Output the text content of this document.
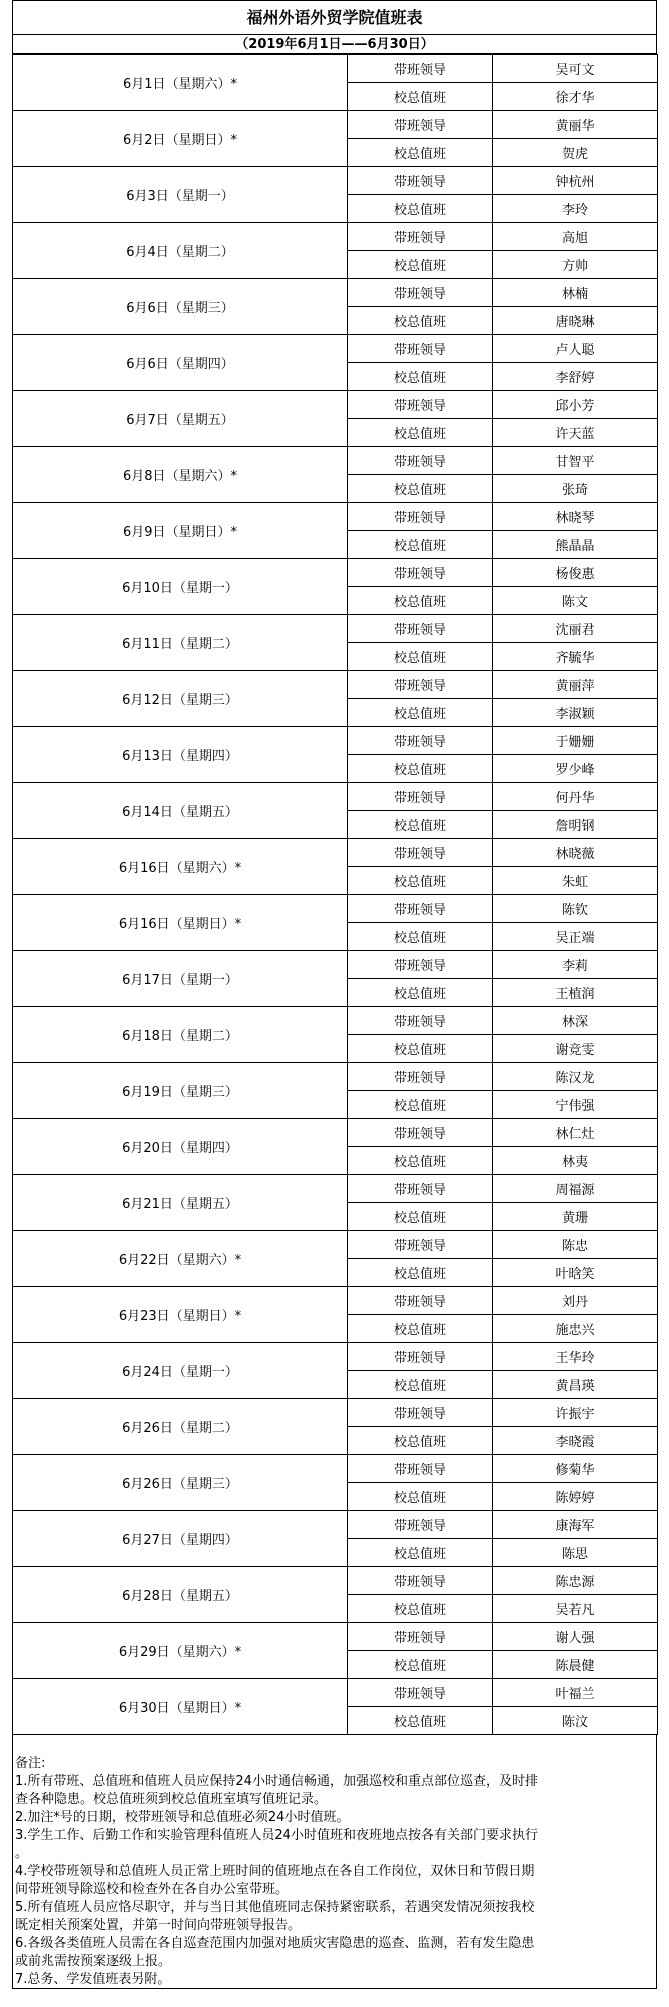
福州外语外贸学院值班表
（2019年6月1日——6月30日）
6月1日（星期六）*	带班领导	吴可文
	校总值班	徐才华
6月2日（星期日）*	带班领导	黄丽华
	校总值班	贺虎
6月3日（星期一）	带班领导	钟杭州
	校总值班	李玲
6月4日（星期二）	带班领导	高旭
	校总值班	方帅
6月6日（星期三）	带班领导	林楠
	校总值班	唐晓琳
6月6日（星期四）	带班领导	卢人聪
	校总值班	李舒婷
6月7日（星期五）	带班领导	邱小芳
	校总值班	许天蓝
6月8日（星期六）*	带班领导	甘智平
	校总值班	张琦
6月9日（星期日）*	带班领导	林晓琴
	校总值班	熊晶晶
6月10日（星期一）	带班领导	杨俊惠
	校总值班	陈文
6月11日（星期二）	带班领导	沈丽君
	校总值班	齐毓华
6月12日（星期三）	带班领导	黄丽萍
	校总值班	李淑颖
6月13日（星期四）	带班领导	于姗姗
	校总值班	罗少峰
6月14日（星期五）	带班领导	何丹华
	校总值班	詹明钢
6月16日（星期六）*	带班领导	林晓薇
	校总值班	朱虹
6月16日（星期日）*	带班领导	陈钦
	校总值班	吴正端
6月17日（星期一）	带班领导	李莉
	校总值班	王植润
6月18日（星期二）	带班领导	林深
	校总值班	谢竞雯
6月19日（星期三）	带班领导	陈汉龙
	校总值班	宁伟强
6月20日（星期四）	带班领导	林仁灶
	校总值班	林夷
6月21日（星期五）	带班领导	周福源
	校总值班	黄珊
6月22日（星期六）*	带班领导	陈忠
	校总值班	叶晗笑
6月23日（星期日）*	带班领导	刘丹
	校总值班	施忠兴
6月24日（星期一）	带班领导	王华玲
	校总值班	黄昌瑛
6月26日（星期二）	带班领导	许振宇
	校总值班	李晓霞
6月26日（星期三）	带班领导	修菊华
	校总值班	陈婷婷
6月27日（星期四）	带班领导	康海军
	校总值班	陈思
6月28日（星期五）	带班领导	陈忠源
	校总值班	吴若凡
6月29日（星期六）*	带班领导	谢人强
	校总值班	陈晨健
6月30日（星期日）*	带班领导	叶福兰
	校总值班	陈汶
备注:
1.所有带班、总值班和值班人员应保持24小时通信畅通，加强巡校和重点部位巡查，及时排
查各种隐患。校总值班须到校总值班室填写值班记录。
2.加注*号的日期，校带班领导和总值班必须24小时值班。
3.学生工作、后勤工作和实验管理科值班人员24小时值班和夜班地点按各有关部门要求执行
。
4.学校带班领导和总值班人员正常上班时间的值班地点在各自工作岗位，双休日和节假日期
间带班领导除巡校和检查外在各自办公室带班。
5.所有值班人员应恪尽职守，并与当日其他值班同志保持紧密联系，若遇突发情况须按我校
既定相关预案处置，并第一时间向带班领导报告。
6.各级各类值班人员需在各自巡查范围内加强对地质灾害隐患的巡查、监测，若有发生隐患
或前兆需按预案逐级上报。
7.总务、学发值班表另附。
